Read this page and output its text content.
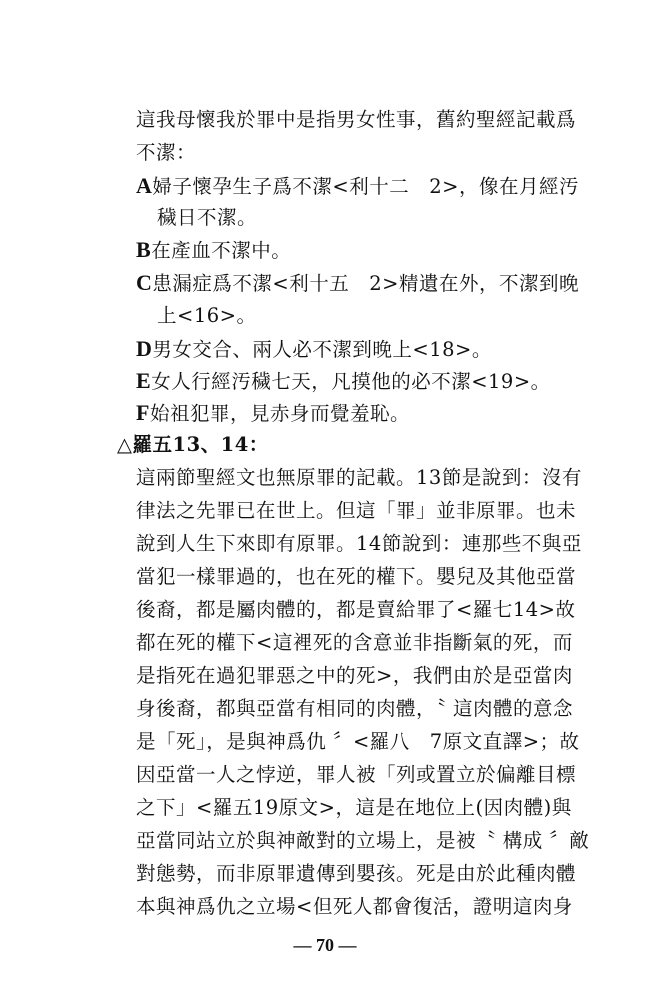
這我母懷我於罪中是指男女性事，舊約聖經記載爲
不潔：
A婦子懷孕生子爲不潔<利十二　2>，像在月經汚
穢日不潔。
B在產血不潔中。
C患漏症爲不潔<利十五　2>精遺在外，不潔到晚
上<16>。
D男女交合、兩人必不潔到晚上<18>。
E女人行經汚穢七天，凡摸他的必不潔<19>。
F始祖犯罪，見赤身而覺羞恥。
△羅五13、14：
這兩節聖經文也無原罪的記載。13節是說到：沒有
律法之先罪已在世上。但這「罪」並非原罪。也未
說到人生下來即有原罪。14節說到：連那些不與亞
當犯一樣罪過的，也在死的權下。嬰兒及其他亞當
後裔，都是屬肉體的，都是賣給罪了<羅七14>故
都在死的權下<這裡死的含意並非指斷氣的死，而
是指死在過犯罪惡之中的死>，我們由於是亞當肉
身後裔，都與亞當有相同的肉體，〝 這肉體的意念
是「死」，是與神爲仇 〞<羅八　7原文直譯>；故
因亞當一人之悖逆，罪人被「列或置立於偏離目標
之下」<羅五19原文>，這是在地位上(因肉體)與
亞當同站立於與神敵對的立場上，是被〝 構成 〞敵
對態勢，而非原罪遺傳到嬰孩。死是由於此種肉體
本與神爲仇之立場<但死人都會復活，證明這肉身
— 70 —
